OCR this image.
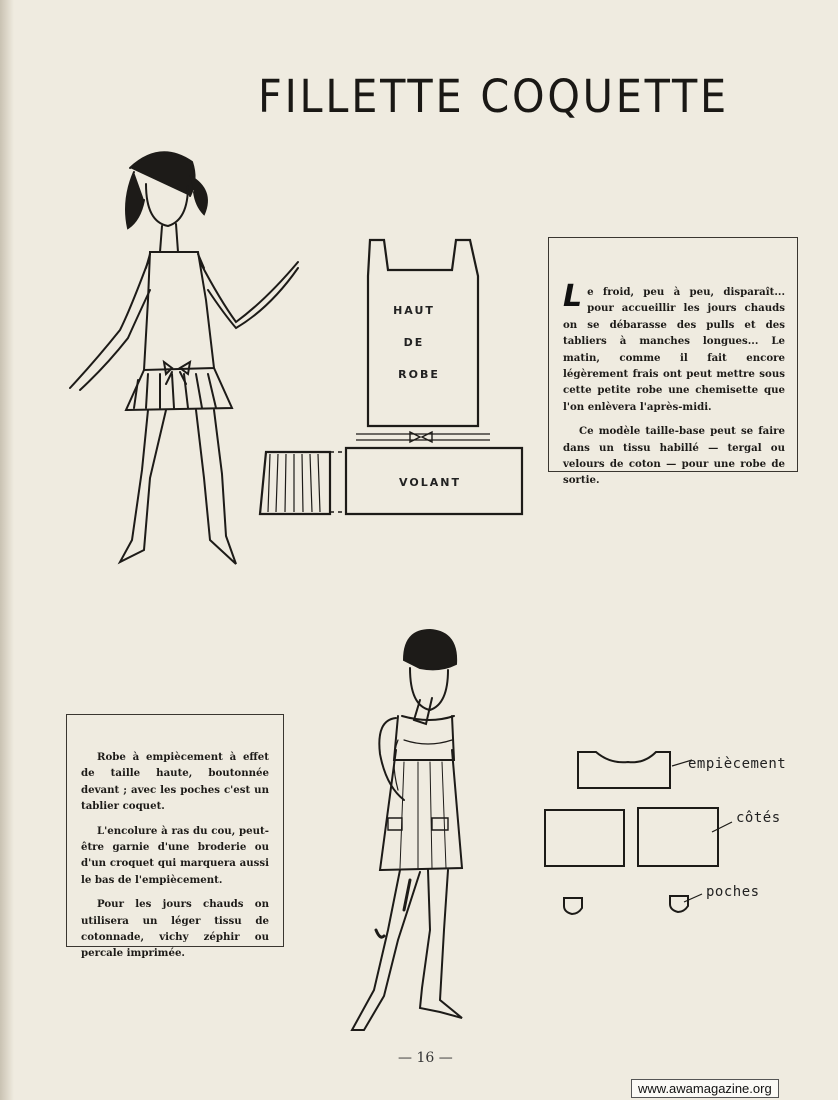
FILLETTE COQUETTE
HAUT
DE
ROBE
VOLANT

Le froid, peu à peu, disparaît... pour accueillir les jours chauds on se débarasse des pulls et des tabliers à manches longues... Le matin, comme il fait encore légèrement frais ont peut mettre sous cette petite robe une chemisette que l'on enlèvera l'après-midi.

Ce modèle taille-base peut se faire dans un tissu habillé — tergal ou velours de coton — pour une robe de sortie.

Robe à empiècement à effet de taille haute, boutonnée devant ; avec les poches c'est un tablier coquet.

L'encolure à ras du cou, peut-être garnie d'une broderie ou d'un croquet qui marquera aussi le bas de l'empiècement.

Pour les jours chauds on utilisera un léger tissu de cotonnade, vichy zéphir ou percale imprimée.

empiècement
côtés
poches
— 16 —
www.awamagazine.org
